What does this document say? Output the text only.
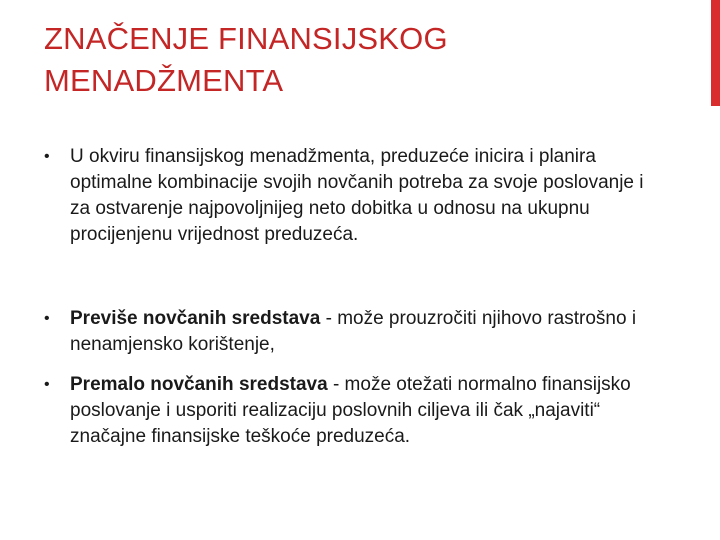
ZNAČENJE FINANSIJSKOG
MENADŽMENTA
•	U okviru finansijskog menadžmenta, preduzeće inicira i planira optimalne kombinacije svojih novčanih potreba za svoje poslovanje i za ostvarenje najpovoljnijeg neto dobitka u odnosu na ukupnu procijenjenu vrijednost preduzeća.
•	Previše novčanih sredstava - može prouzročiti njihovo rastrošno i nenamjensko korištenje,
•	Premalo novčanih sredstava - može otežati normalno finansijsko poslovanje i usporiti realizaciju poslovnih ciljeva ili čak „najaviti“ značajne finansijske teškoće preduzeća.
